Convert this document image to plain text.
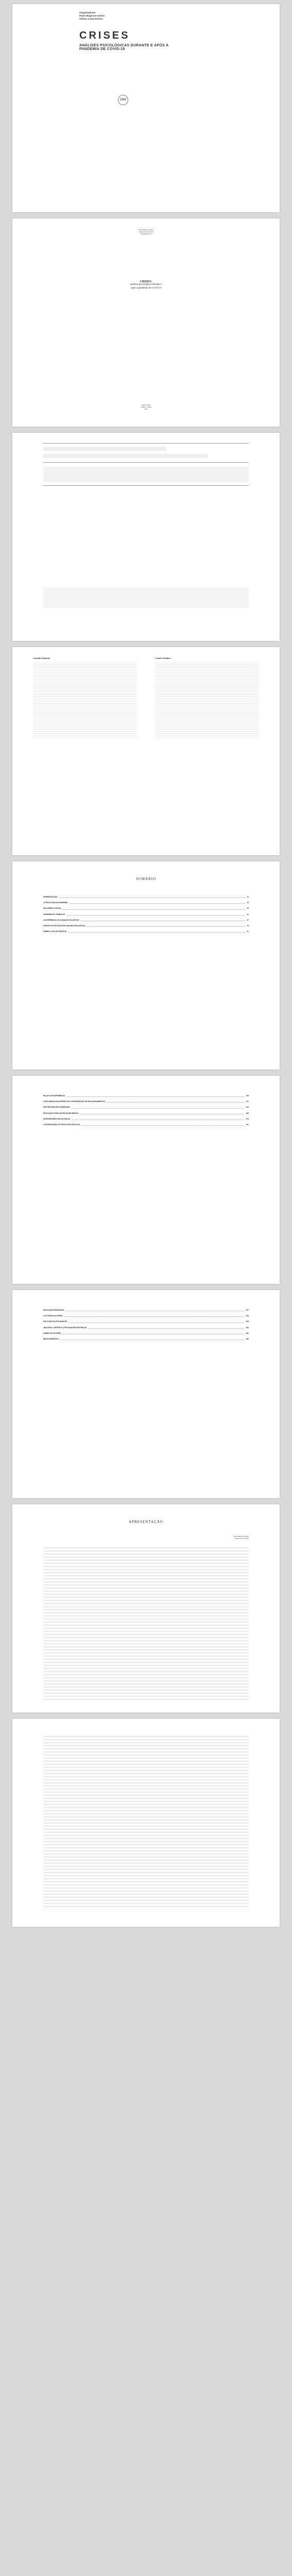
Organizadores
Paulo Magoncé Santos
Gleiton Costa Pereira
CRISES
ANÁLISES PSICOLÓGICAS DURANTE E APÓS A PANDEMIA DE COVID-19
CRV
Paulo Magoncé Santos
Gleiton Costa Pereira
(Organizadores)
CRISES:
análises psicológicas durante e
após a pandemia de covid-19
Editora CRV
Curitiba – Brasil
2022
Conselho Editorial:	Comitê Científico:
SUMÁRIO
APRESENTAÇÃO	11
A PSICOLOGIA NA PANDEMIA	15
ISOLAMENTO SOCIAL	29
PANDEMIA NO TRABALHO	43
A EXPERIÊNCIA DE CUIDADOS PALIATIVOS	57
GRUPOS DE ESTUDOS EM CUIDADOS PALIATIVOS	73
SOBRE O USO DE OBJETOS	91
RELATO DE EXPERIÊNCIA	109
A INFLUÊNCIA DA INTERNET NA CONFIGURAÇÃO DE RELACIONAMENTOS	127
SER PROFESSOR E ANSIEDADE	143
EDUCAÇÃO POPULAR EM SAÚDE MENTAL	159
INTERVENÇÕES PSICOLÓGICAS	175
A INTERVENÇÃO DO PSICÓLOGO ESCOLAR	191
EDUCAÇÃO BRASILEIRA	207
A LEI MARIA DA PENHA	225
UM OLHAR DA PSICANÁLISE	243
JEAN-PAUL SARTRE E A PSICANÁLISE EXISTENCIAL	261
SOBRE OS AUTORES	281
ÍNDICE REMISSIVO	289
APRESENTAÇÃO
Paulo Magoncé Santos
Gleiton Costa Pereira
